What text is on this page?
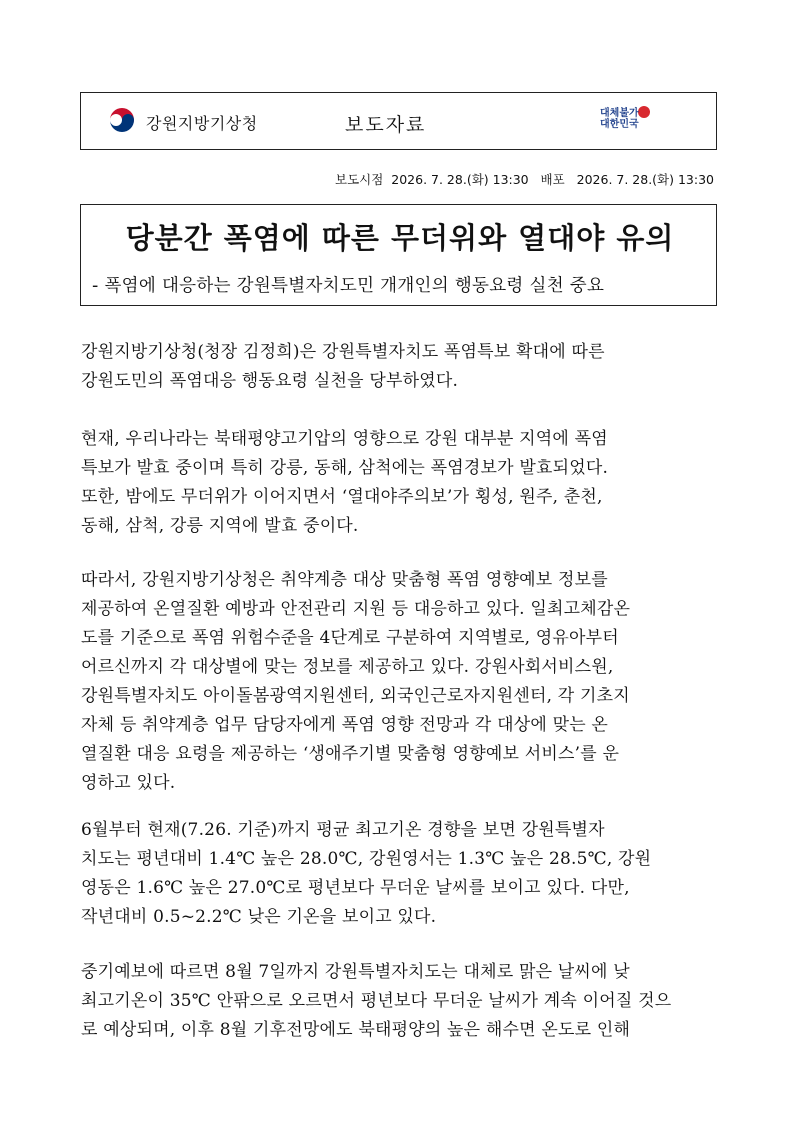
강원지방기상청	보도자료
대체불가
대한민국
보도시점  2026. 7. 28.(화) 13:30   배포   2026. 7. 28.(화) 13:30
당분간 폭염에 따른 무더위와 열대야 유의
- 폭염에 대응하는 강원특별자치도민 개개인의 행동요령 실천 중요
강원지방기상청(청장 김정희)은 강원특별자치도 폭염특보 확대에 따른
강원도민의 폭염대응 행동요령 실천을 당부하였다.
현재, 우리나라는 북태평양고기압의 영향으로 강원 대부분 지역에 폭염
특보가 발효 중이며 특히 강릉, 동해, 삼척에는 폭염경보가 발효되었다.
또한, 밤에도 무더위가 이어지면서 ‘열대야주의보’가 횡성, 원주, 춘천,
동해, 삼척, 강릉 지역에 발효 중이다.
따라서, 강원지방기상청은 취약계층 대상 맞춤형 폭염 영향예보 정보를
제공하여 온열질환 예방과 안전관리 지원 등 대응하고 있다. 일최고체감온
도를 기준으로 폭염 위험수준을 4단계로 구분하여 지역별로, 영유아부터
어르신까지 각 대상별에 맞는 정보를 제공하고 있다. 강원사회서비스원,
강원특별자치도 아이돌봄광역지원센터, 외국인근로자지원센터, 각 기초지
자체 등 취약계층 업무 담당자에게 폭염 영향 전망과 각 대상에 맞는 온
열질환 대응 요령을 제공하는 ‘생애주기별 맞춤형 영향예보 서비스’를 운
영하고 있다.
6월부터 현재(7.26. 기준)까지 평균 최고기온 경향을 보면 강원특별자
치도는 평년대비 1.4℃ 높은 28.0℃, 강원영서는 1.3℃ 높은 28.5℃, 강원
영동은 1.6℃ 높은 27.0℃로 평년보다 무더운 날씨를 보이고 있다. 다만,
작년대비 0.5~2.2℃ 낮은 기온을 보이고 있다.
중기예보에 따르면 8월 7일까지 강원특별자치도는 대체로 맑은 날씨에 낮
최고기온이 35℃ 안팎으로 오르면서 평년보다 무더운 날씨가 계속 이어질 것으
로 예상되며, 이후 8월 기후전망에도 북태평양의 높은 해수면 온도로 인해
